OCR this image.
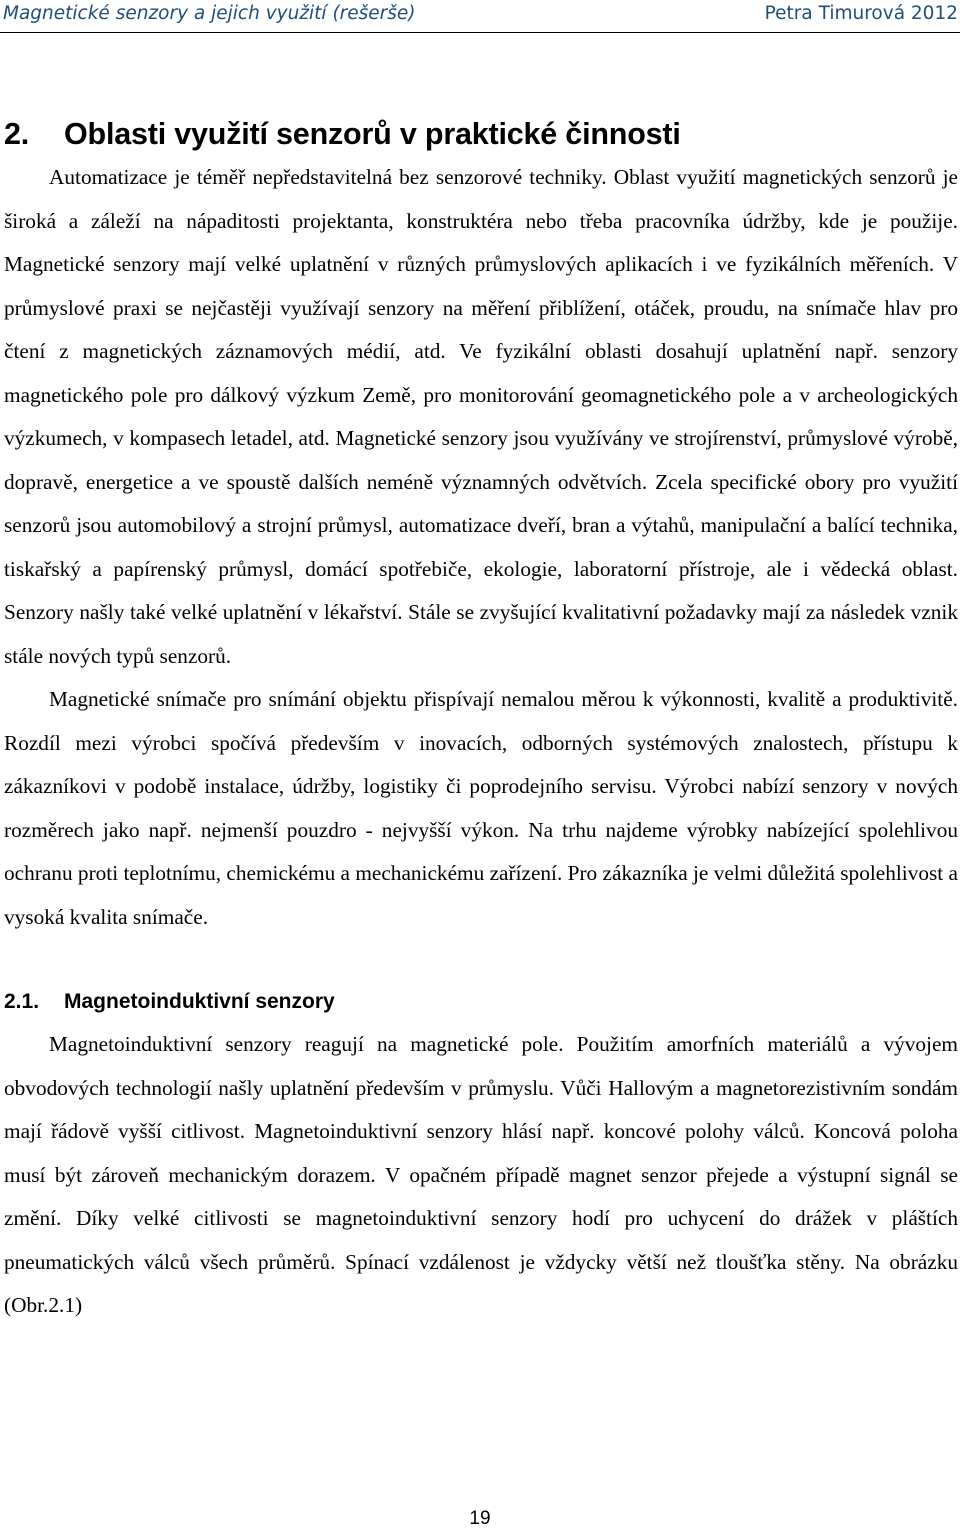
Magnetické senzory a jejich využití (rešerše)	Petra Timurová 2012
2. Oblasti využití senzorů v praktické činnosti

Automatizace je téměř nepředstavitelná bez senzorové techniky. Oblast využití magnetických senzorů je široká a záleží na nápaditosti projektanta, konstruktéra nebo třeba pracovníka údržby, kde je použije. Magnetické senzory mají velké uplatnění v různých průmyslových aplikacích i ve fyzikálních měřeních. V průmyslové praxi se nejčastěji využívají senzory na měření přiblížení, otáček, proudu, na snímače hlav pro čtení z magnetických záznamových médií, atd. Ve fyzikální oblasti dosahují uplatnění např. senzory magnetického pole pro dálkový výzkum Země, pro monitorování geomagnetického pole a v archeologických výzkumech, v kompasech letadel, atd. Magnetické senzory jsou využívány ve strojírenství, průmyslové výrobě, dopravě, energetice a ve spoustě dalších neméně významných odvětvích. Zcela specifické obory pro využití senzorů jsou automobilový a strojní průmysl, automatizace dveří, bran a výtahů, manipulační a balící technika, tiskařský a papírenský průmysl, domácí spotřebiče, ekologie, laboratorní přístroje, ale i vědecká oblast. Senzory našly také velké uplatnění v lékařství. Stále se zvyšující kvalitativní požadavky mají za následek vznik stále nových typů senzorů.

Magnetické snímače pro snímání objektu přispívají nemalou měrou k výkonnosti, kvalitě a produktivitě. Rozdíl mezi výrobci spočívá především v inovacích, odborných systémových znalostech, přístupu k zákazníkovi v podobě instalace, údržby, logistiky či poprodejního servisu. Výrobci nabízí senzory v nových rozměrech jako např. nejmenší pouzdro - nejvyšší výkon. Na trhu najdeme výrobky nabízející spolehlivou ochranu proti teplotnímu, chemickému a mechanickému zařízení. Pro zákazníka je velmi důležitá spolehlivost a vysoká kvalita snímače.

2.1. Magnetoinduktivní senzory

Magnetoinduktivní senzory reagují na magnetické pole. Použitím amorfních materiálů a vývojem obvodových technologií našly uplatnění především v průmyslu. Vůči Hallovým a magnetorezistivním sondám mají řádově vyšší citlivost. Magnetoinduktivní senzory hlásí např. koncové polohy válců. Koncová poloha musí být zároveň mechanickým dorazem. V opačném případě magnet senzor přejede a výstupní signál se změní. Díky velké citlivosti se magnetoinduktivní senzory hodí pro uchycení do drážek v pláštích pneumatických válců všech průměrů. Spínací vzdálenost je vždycky větší než tloušťka stěny. Na obrázku (Obr.2.1)

19
